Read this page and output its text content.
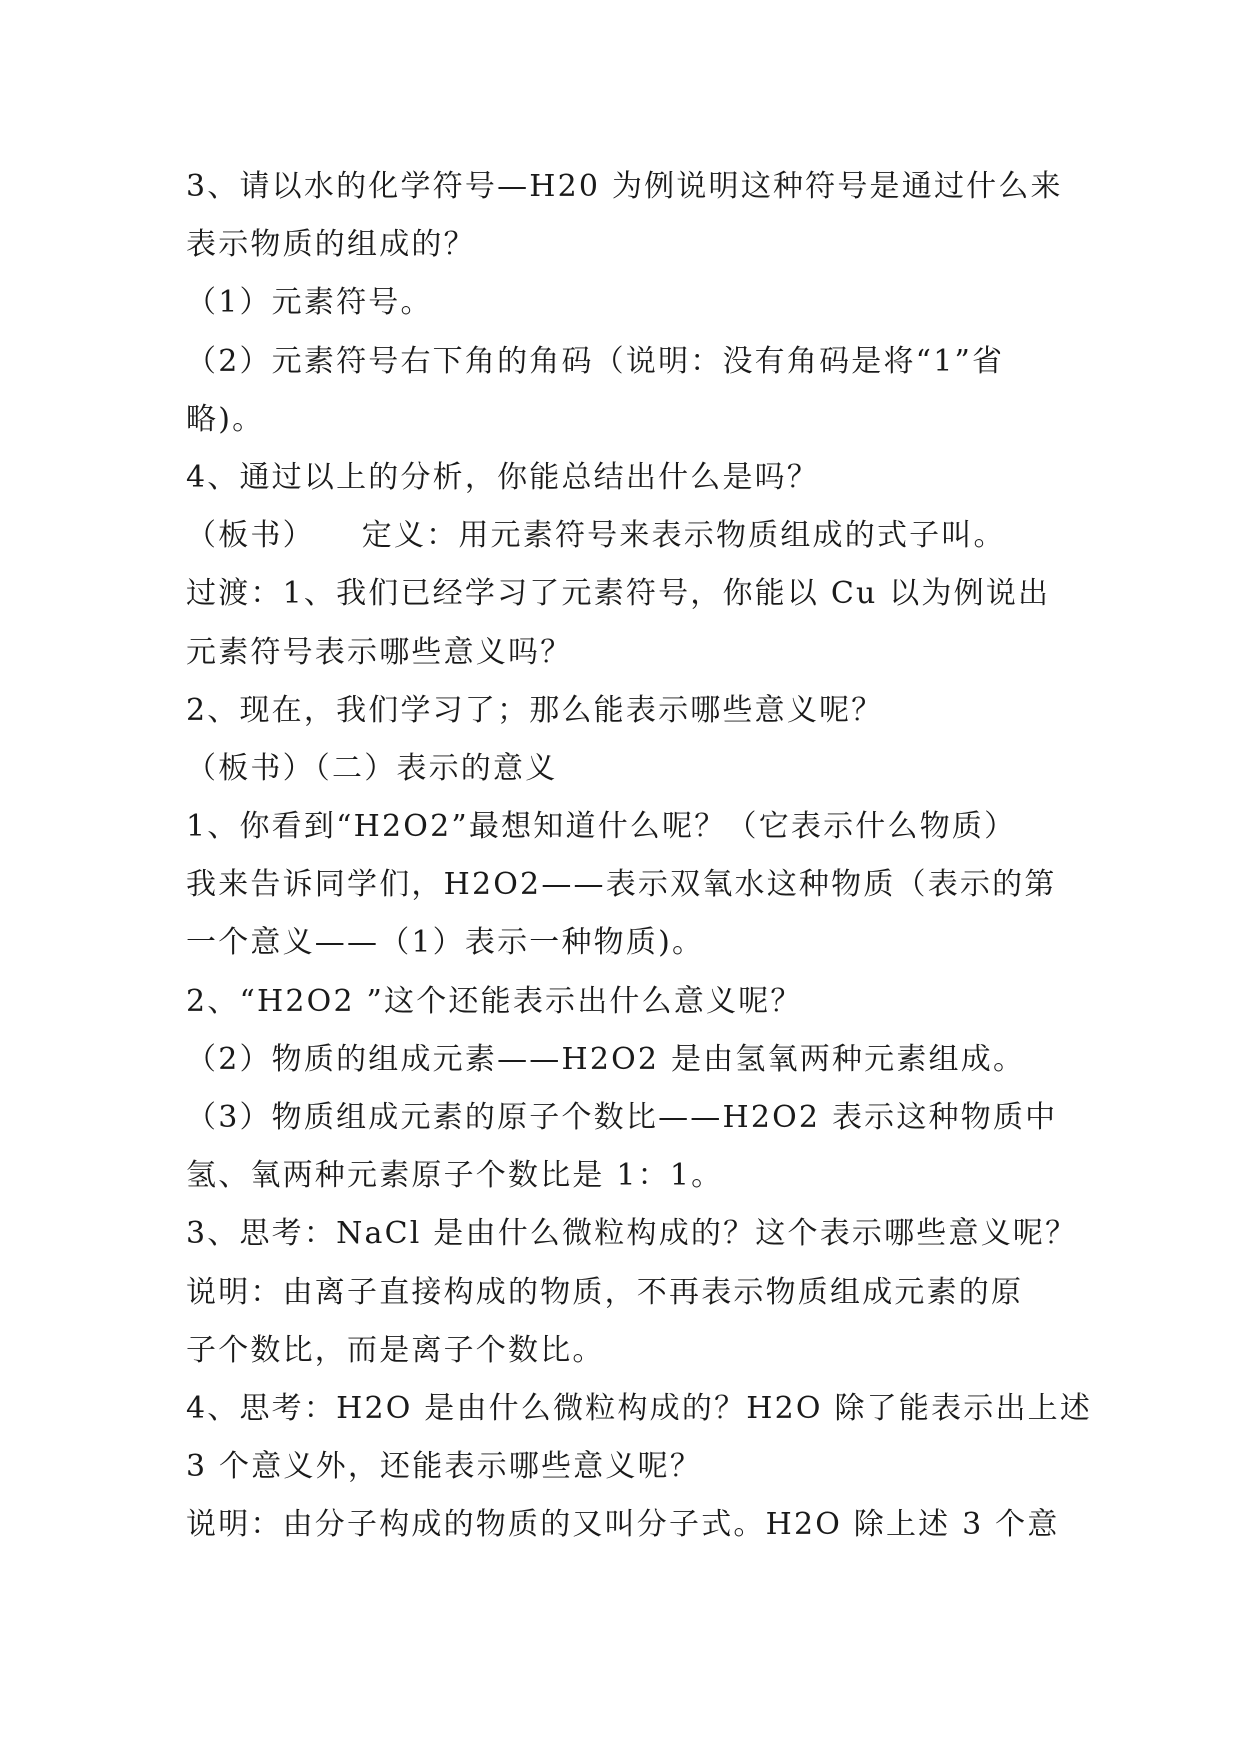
3、请以水的化学符号—H20 为例说明这种符号是通过什么来
表示物质的组成的？
（1）元素符号。
（2）元素符号右下角的角码（说明：没有角码是将“1”省
略)。
4、通过以上的分析，你能总结出什么是吗？
（板书）    定义：用元素符号来表示物质组成的式子叫。
过渡：1、我们已经学习了元素符号，你能以 Cu 以为例说出
元素符号表示哪些意义吗？
2、现在，我们学习了；那么能表示哪些意义呢？
（板书）（二）表示的意义
1、你看到“H2O2”最想知道什么呢？（它表示什么物质）
我来告诉同学们，H2O2——表示双氧水这种物质（表示的第
一个意义——（1）表示一种物质)。
2、“H2O2 ”这个还能表示出什么意义呢？
（2）物质的组成元素——H2O2 是由氢氧两种元素组成。
（3）物质组成元素的原子个数比——H2O2 表示这种物质中
氢、氧两种元素原子个数比是 1：1。
3、思考：NaCl 是由什么微粒构成的？这个表示哪些意义呢？
说明：由离子直接构成的物质，不再表示物质组成元素的原
子个数比，而是离子个数比。
4、思考：H2O 是由什么微粒构成的？H2O 除了能表示出上述
3 个意义外，还能表示哪些意义呢？
说明：由分子构成的物质的又叫分子式。H2O 除上述 3 个意
